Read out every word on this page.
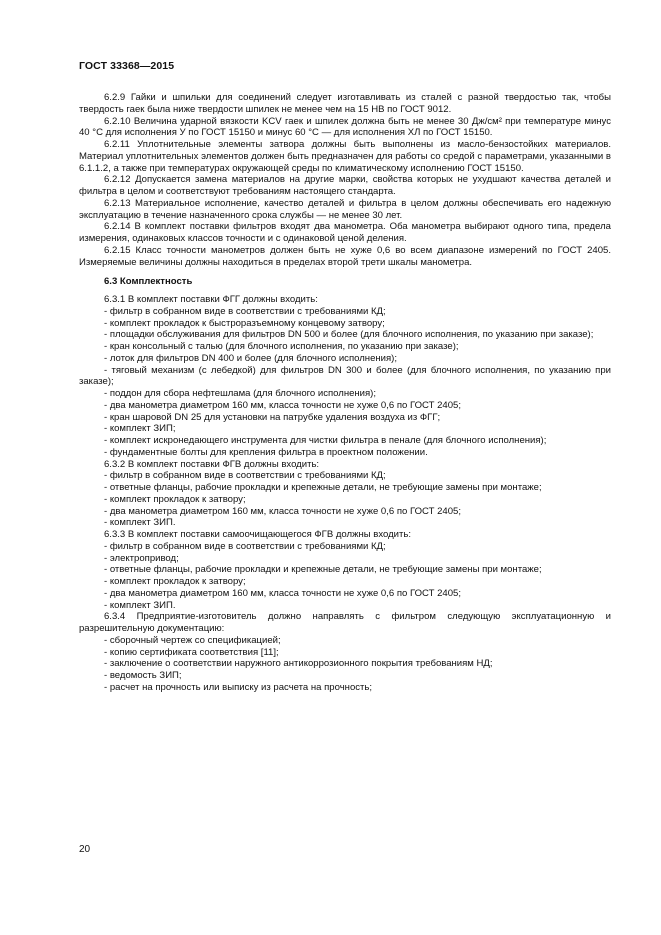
ГОСТ 33368—2015

6.2.9 Гайки и шпильки для соединений следует изготавливать из сталей с разной твердостью так, чтобы твердость гаек была ниже твердости шпилек не менее чем на 15 НВ по ГОСТ 9012.

6.2.10 Величина ударной вязкости KCV гаек и шпилек должна быть не менее 30 Дж/см² при температуре минус 40 °C для исполнения У по ГОСТ 15150 и минус 60 °C — для исполнения ХЛ по ГОСТ 15150.

6.2.11 Уплотнительные элементы затвора должны быть выполнены из масло-бензостойких материалов. Материал уплотнительных элементов должен быть предназначен для работы со средой с параметрами, указанными в 6.1.1.2, а также при температурах окружающей среды по климатическому исполнению ГОСТ 15150.

6.2.12 Допускается замена материалов на другие марки, свойства которых не ухудшают качества деталей и фильтра в целом и соответствуют требованиям настоящего стандарта.

6.2.13 Материальное исполнение, качество деталей и фильтра в целом должны обеспечивать его надежную эксплуатацию в течение назначенного срока службы — не менее 30 лет.

6.2.14 В комплект поставки фильтров входят два манометра. Оба манометра выбирают одного типа, предела измерения, одинаковых классов точности и с одинаковой ценой деления.

6.2.15 Класс точности манометров должен быть не хуже 0,6 во всем диапазоне измерений по ГОСТ 2405. Измеряемые величины должны находиться в пределах второй трети шкалы манометра.

6.3 Комплектность

6.3.1 В комплект поставки ФГГ должны входить:

- фильтр в собранном виде в соответствии с требованиями КД;

- комплект прокладок к быстроразъемному концевому затвору;

- площадки обслуживания для фильтров DN 500 и более (для блочного исполнения, по указанию при заказе);

- кран консольный с талью (для блочного исполнения, по указанию при заказе);

- лоток для фильтров DN 400 и более (для блочного исполнения);

- тяговый механизм (с лебедкой) для фильтров DN 300 и более (для блочного исполнения, по указанию при заказе);

- поддон для сбора нефтешлама (для блочного исполнения);

- два манометра диаметром 160 мм, класса точности не хуже 0,6 по ГОСТ 2405;

- кран шаровой DN 25 для установки на патрубке удаления воздуха из ФГГ;

- комплект ЗИП;

- комплект искронедающего инструмента для чистки фильтра в пенале (для блочного исполнения);

- фундаментные болты для крепления фильтра в проектном положении.

6.3.2 В комплект поставки ФГВ должны входить:

- фильтр в собранном виде в соответствии с требованиями КД;

- ответные фланцы, рабочие прокладки и крепежные детали, не требующие замены при монтаже;

- комплект прокладок к затвору;

- два манометра диаметром 160 мм, класса точности не хуже 0,6 по ГОСТ 2405;

- комплект ЗИП.

6.3.3 В комплект поставки самоочищающегося ФГВ должны входить:

- фильтр в собранном виде в соответствии с требованиями КД;

- электропривод;

- ответные фланцы, рабочие прокладки и крепежные детали, не требующие замены при монтаже;

- комплект прокладок к затвору;

- два манометра диаметром 160 мм, класса точности не хуже 0,6 по ГОСТ 2405;

- комплект ЗИП.

6.3.4 Предприятие-изготовитель должно направлять с фильтром следующую эксплуатационную и разрешительную документацию:

- сборочный чертеж со спецификацией;

- копию сертификата соответствия [11];

- заключение о соответствии наружного антикоррозионного покрытия требованиям НД;

- ведомость ЗИП;

- расчет на прочность или выписку из расчета на прочность;

20
